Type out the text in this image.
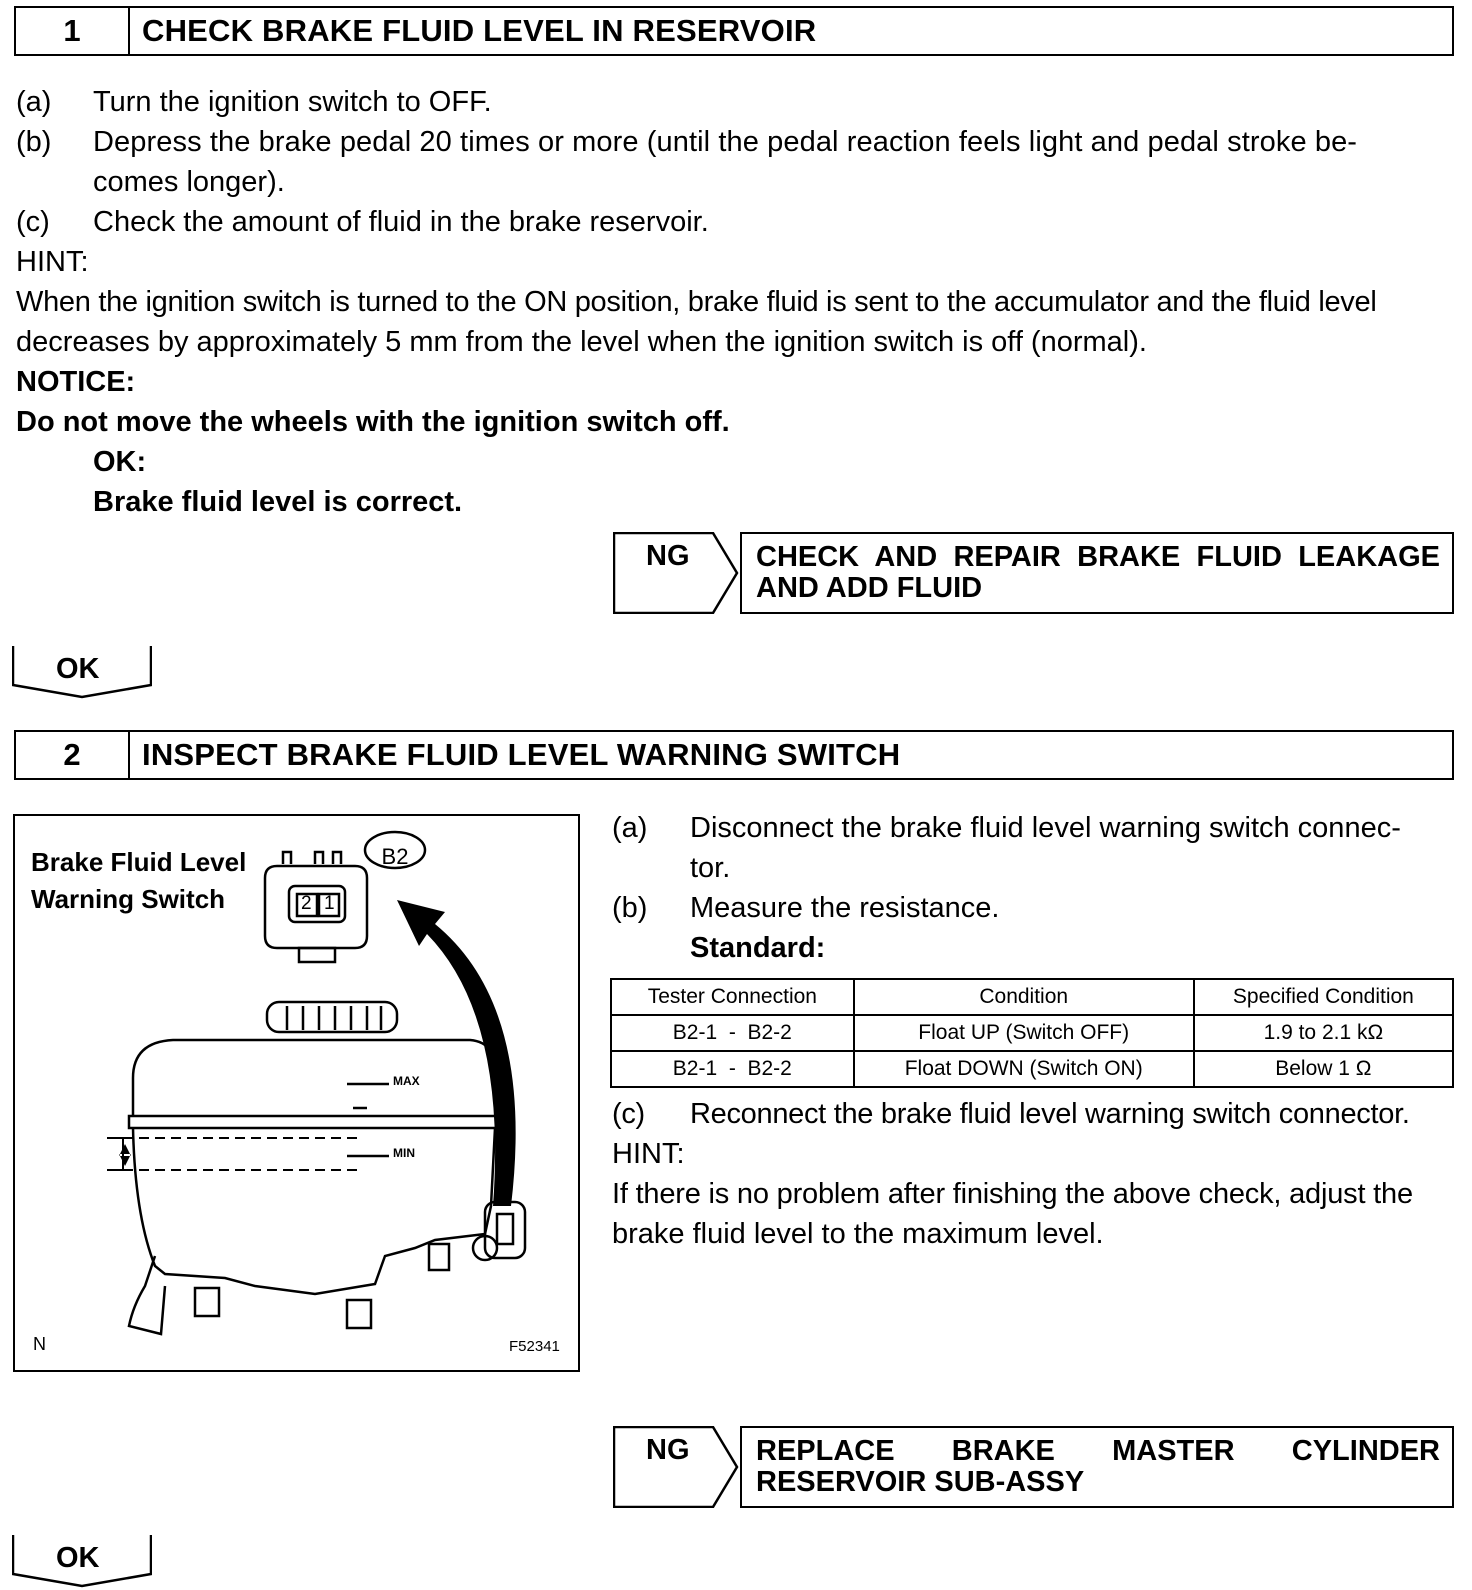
1	CHECK BRAKE FLUID LEVEL IN RESERVOIR
(a) Turn the ignition switch to OFF.
(b) Depress the brake pedal 20 times or more (until the pedal reaction feels light and pedal stroke be-
comes longer).
(c) Check the amount of fluid in the brake reservoir.
HINT:
When the ignition switch is turned to the ON position, brake fluid is sent to the accumulator and the fluid level
decreases by approximately 5 mm from the level when the ignition switch is off (normal).
NOTICE:
Do not move the wheels with the ignition switch off.
OK:
Brake fluid level is correct.
NG CHECK AND REPAIR BRAKE FLUID LEAKAGE
AND ADD FLUID
OK
2	INSPECT BRAKE FLUID LEVEL WARNING SWITCH
Brake Fluid Level
Warning Switch
B2
2 1
MAX
MIN
N	F52341
(a) Disconnect the brake fluid level warning switch connec-
tor.
(b) Measure the resistance.
Standard:
Tester Connection	Condition	Specified Condition
B2-1  -  B2-2	Float UP (Switch OFF)	1.9 to 2.1 kΩ
B2-1  -  B2-2	Float DOWN (Switch ON)	Below 1 Ω
(c) Reconnect the brake fluid level warning switch connector.
HINT:
If there is no problem after finishing the above check, adjust the
brake fluid level to the maximum level.
NG REPLACE BRAKE MASTER CYLINDER
RESERVOIR SUB-ASSY
OK
